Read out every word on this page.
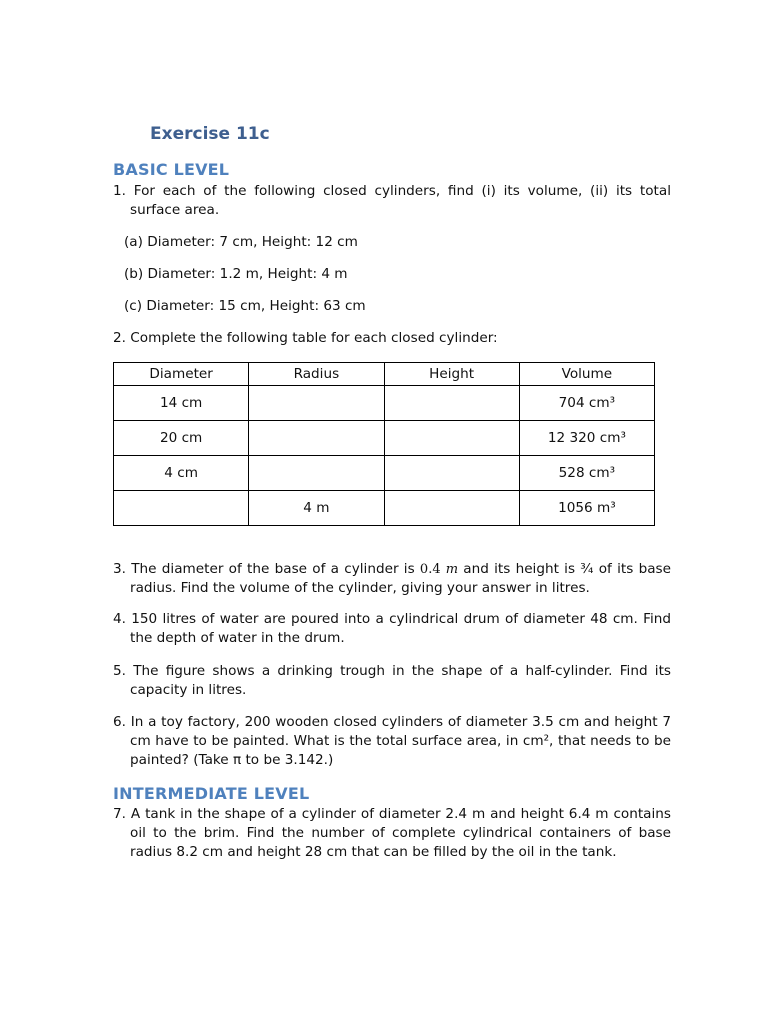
Exercise 11c
BASIC LEVEL
1. For each of the following closed cylinders, find (i) its volume, (ii) its total surface area.
(a) Diameter: 7 cm, Height: 12 cm
(b) Diameter: 1.2 m, Height: 4 m
(c) Diameter: 15 cm, Height: 63 cm
2. Complete the following table for each closed cylinder:
Diameter	Radius	Height	Volume
14 cm			704 cm³
20 cm			12 320 cm³
4 cm			528 cm³
	4 m		1056 m³
3. The diameter of the base of a cylinder is 0.4 m and its height is ¾ of its base radius. Find the volume of the cylinder, giving your answer in litres.
4. 150 litres of water are poured into a cylindrical drum of diameter 48 cm. Find the depth of water in the drum.
5. The figure shows a drinking trough in the shape of a half-cylinder. Find its capacity in litres.
6. In a toy factory, 200 wooden closed cylinders of diameter 3.5 cm and height 7 cm have to be painted. What is the total surface area, in cm², that needs to be painted? (Take π to be 3.142.)
INTERMEDIATE LEVEL
7. A tank in the shape of a cylinder of diameter 2.4 m and height 6.4 m contains oil to the brim. Find the number of complete cylindrical containers of base radius 8.2 cm and height 28 cm that can be filled by the oil in the tank.
